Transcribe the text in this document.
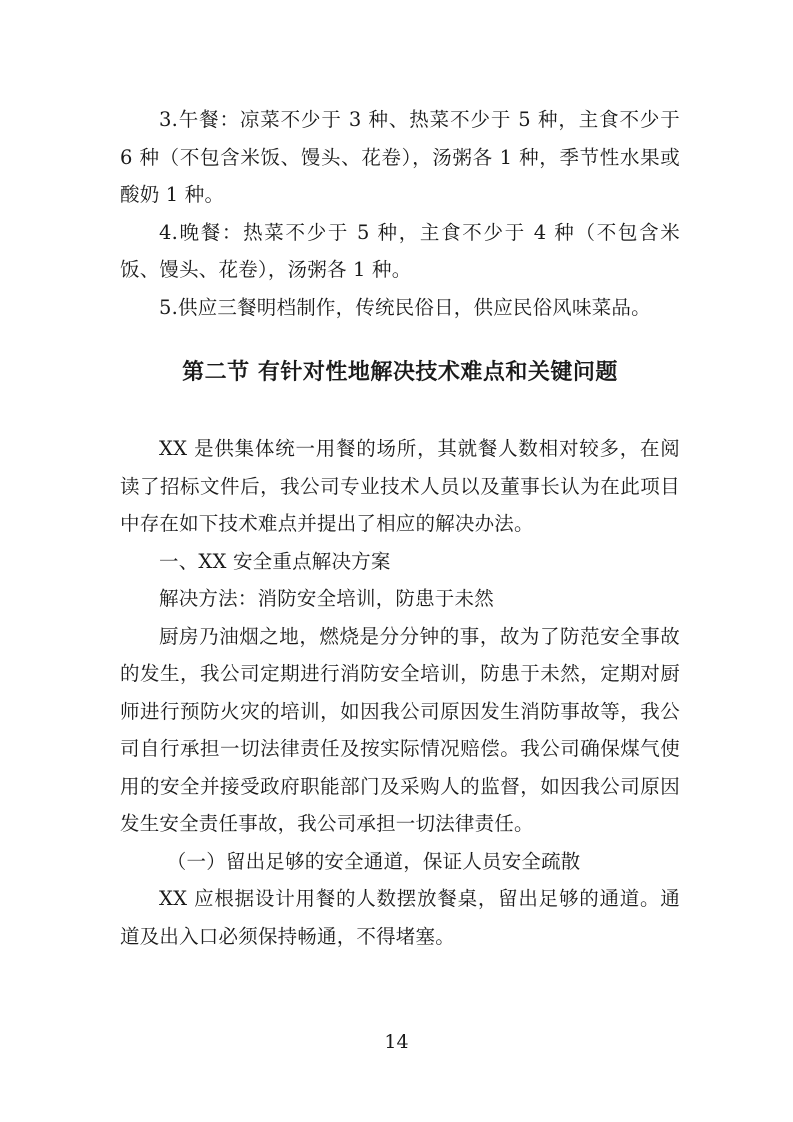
3.午餐：凉菜不少于 3 种、热菜不少于 5 种，主食不少于 6 种（不包含米饭、馒头、花卷），汤粥各 1 种，季节性水果或酸奶 1 种。

4.晚餐：热菜不少于 5 种，主食不少于 4 种（不包含米饭、馒头、花卷），汤粥各 1 种。

5.供应三餐明档制作，传统民俗日，供应民俗风味菜品。

第二节 有针对性地解决技术难点和关键问题

XX 是供集体统一用餐的场所，其就餐人数相对较多，在阅读了招标文件后，我公司专业技术人员以及董事长认为在此项目中存在如下技术难点并提出了相应的解决办法。

一、XX 安全重点解决方案

解决方法：消防安全培训，防患于未然

厨房乃油烟之地，燃烧是分分钟的事，故为了防范安全事故的发生，我公司定期进行消防安全培训，防患于未然，定期对厨师进行预防火灾的培训，如因我公司原因发生消防事故等，我公司自行承担一切法律责任及按实际情况赔偿。我公司确保煤气使用的安全并接受政府职能部门及采购人的监督，如因我公司原因发生安全责任事故，我公司承担一切法律责任。

（一）留出足够的安全通道，保证人员安全疏散

XX 应根据设计用餐的人数摆放餐桌，留出足够的通道。通道及出入口必须保持畅通，不得堵塞。

14
